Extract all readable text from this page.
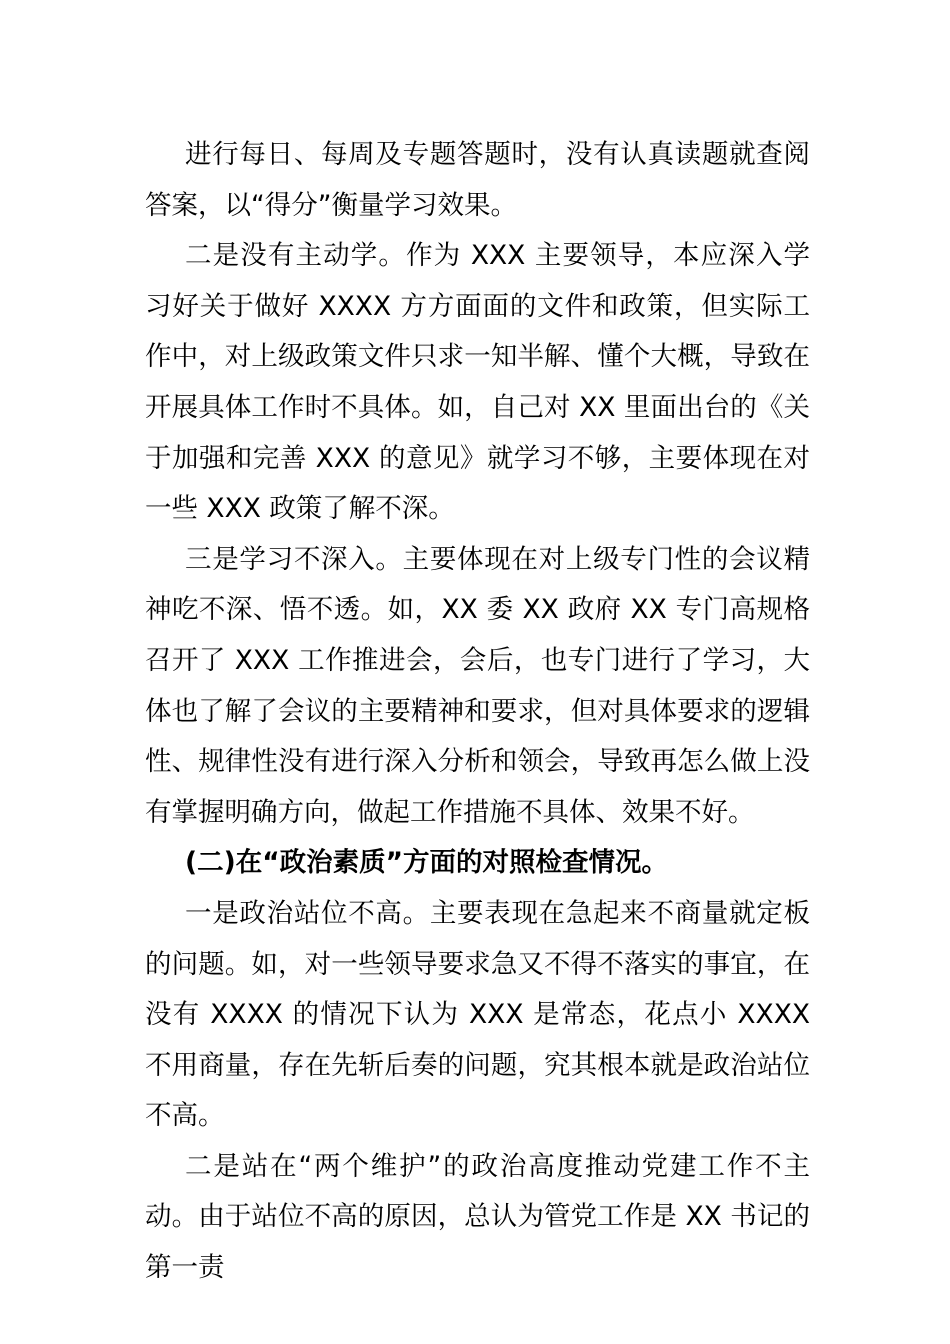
进行每日、每周及专题答题时，没有认真读题就查阅答案，以“得分”衡量学习效果。

二是没有主动学。作为 XXX 主要领导，本应深入学习好关于做好 XXXX 方方面面的文件和政策，但实际工作中，对上级政策文件只求一知半解、懂个大概，导致在开展具体工作时不具体。如，自己对 XX 里面出台的《关于加强和完善 XXX 的意见》就学习不够，主要体现在对一些 XXX 政策了解不深。

三是学习不深入。主要体现在对上级专门性的会议精神吃不深、悟不透。如，XX 委 XX 政府 XX 专门高规格召开了 XXX 工作推进会，会后，也专门进行了学习，大体也了解了会议的主要精神和要求，但对具体要求的逻辑性、规律性没有进行深入分析和领会，导致再怎么做上没有掌握明确方向，做起工作措施不具体、效果不好。

(二)在“政治素质”方面的对照检查情况。

一是政治站位不高。主要表现在急起来不商量就定板的问题。如，对一些领导要求急又不得不落实的事宜，在没有 XXXX 的情况下认为 XXX 是常态，花点小 XXXX 不用商量，存在先斩后奏的问题，究其根本就是政治站位不高。

二是站在“两个维护”的政治高度推动党建工作不主动。由于站位不高的原因，总认为管党工作是 XX 书记的第一责
